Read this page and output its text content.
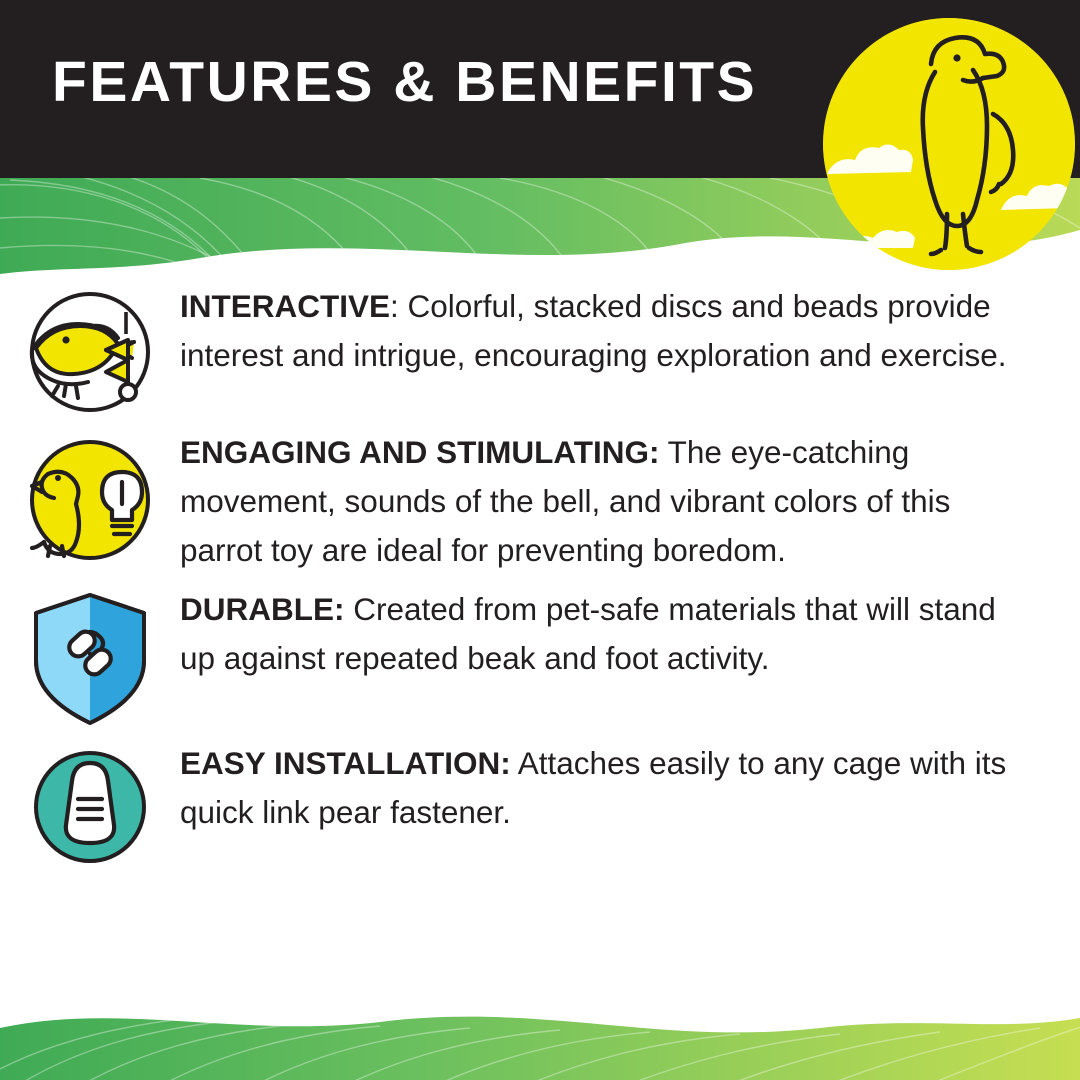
FEATURES & BENEFITS
INTERACTIVE: Colorful, stacked discs and beads provide interest and intrigue, encouraging exploration and exercise.
ENGAGING AND STIMULATING: The eye-catching movement, sounds of the bell, and vibrant colors of this parrot toy are ideal for preventing boredom.
DURABLE: Created from pet-safe materials that will stand up against repeated beak and foot activity.
EASY INSTALLATION: Attaches easily to any cage with its quick link pear fastener.
